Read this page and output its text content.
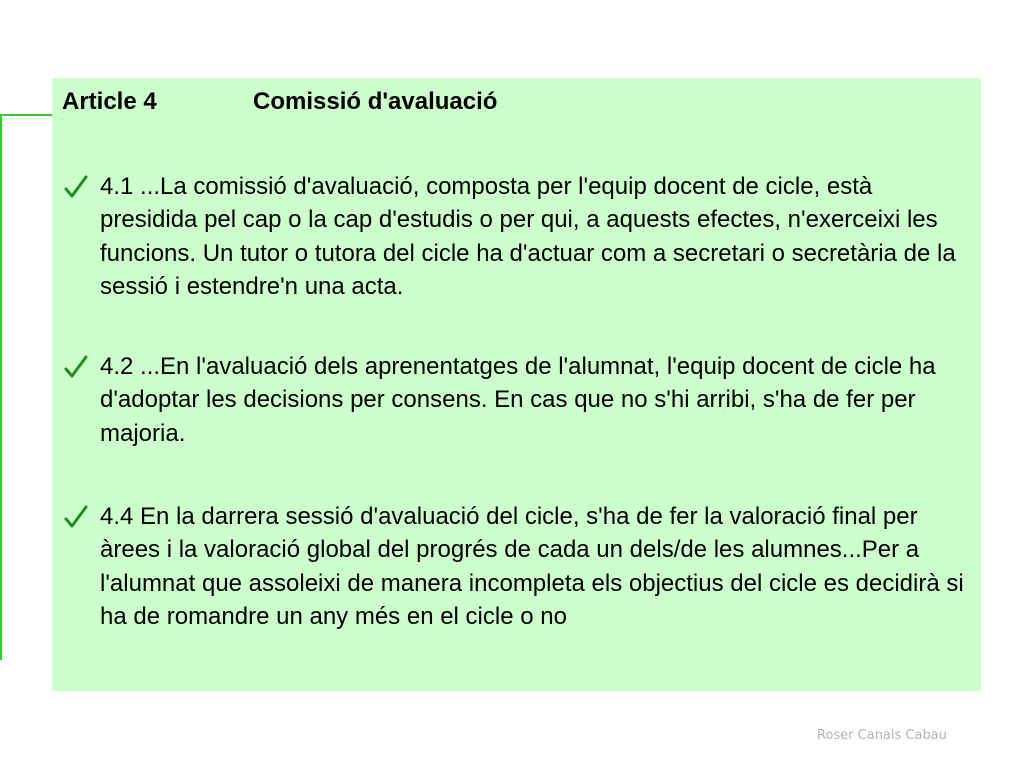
Article 4	Comissió d'avaluació
4.1 ...La comissió d'avaluació, composta per l'equip docent de cicle, està presidida pel cap o la cap d'estudis o per qui, a aquests efectes, n'exerceixi les funcions. Un tutor o tutora del cicle ha d'actuar com a secretari o secretària de la sessió i estendre'n una acta.
4.2 ...En l'avaluació dels aprenentatges de l'alumnat, l'equip docent de cicle ha d'adoptar les decisions per consens. En cas que no s'hi arribi, s'ha de fer per majoria.
4.4 En la darrera sessió d'avaluació del cicle, s'ha de fer la valoració final per àrees i la valoració global del progrés de cada un dels/de les alumnes...Per a l'alumnat que assoleixi de manera incompleta els objectius del cicle es decidirà si ha de romandre un any més en el cicle o no
Roser Canals Cabau
